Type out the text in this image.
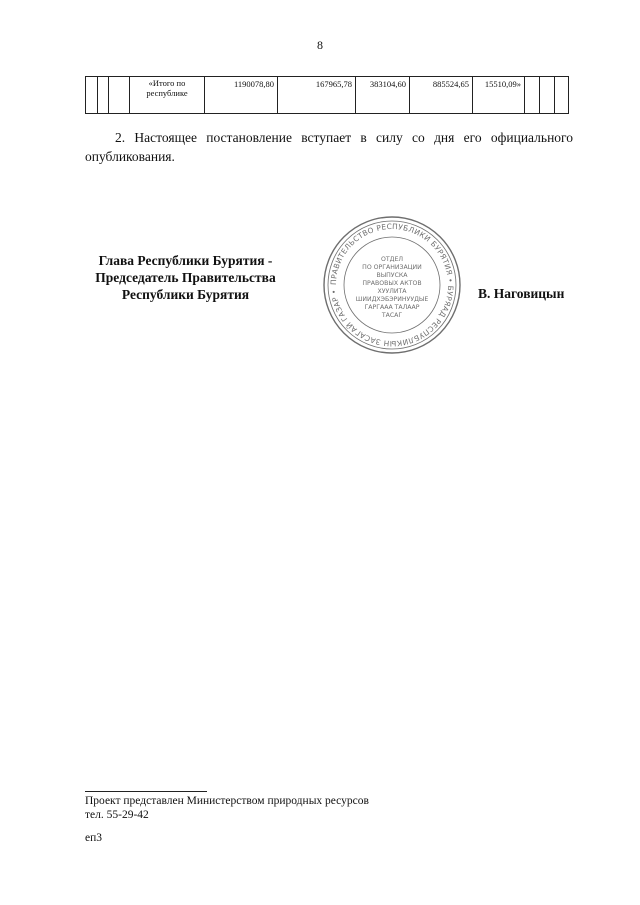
8
			«Итого по республике	1190078,80	167965,78	383104,60	885524,65	15510,09»			
2. Настоящее постановление вступает в силу со дня его официального опубликования.
Глава Республики Бурятия -
Председатель Правительства
Республики Бурятия
ПРАВИТЕЛЬСТВО РЕСПУБЛИКИ БУРЯТИЯ • БУРЯАД РЕСПУБЛИКЫН ЗАСАГАЙ ГАЗАР •
ОТДЕЛ
ПО ОРГАНИЗАЦИИ
ВЫПУСКА
ПРАВОВЫХ АКТОВ
ХУУЛИТА
ШИИДХЭБЭРИНУУДЫЕ
ГАРГААА ТАЛААР
ТАСАГ
В. Наговицын
Проект представлен Министерством природных ресурсов
тел. 55-29-42
еп3
